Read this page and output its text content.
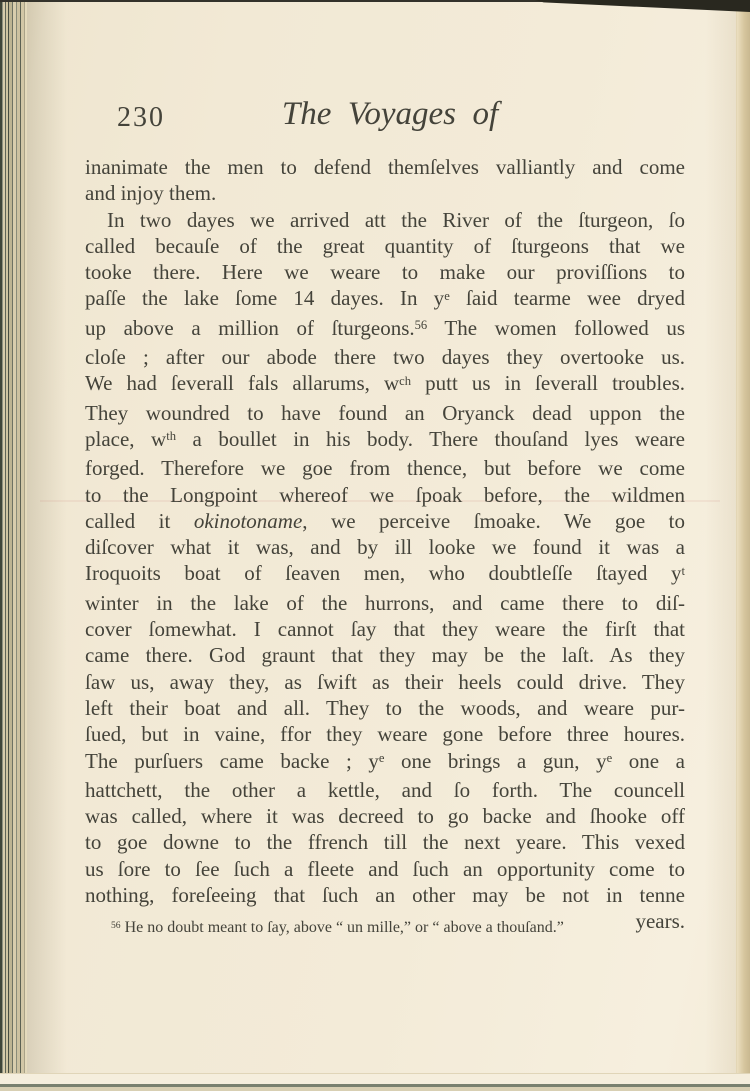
230	The Voyages of
inanimate the men to defend themſelves valliantly and come
and injoy them.
In two dayes we arrived att the River of the ſturgeon, ſo
called becauſe of the great quantity of ſturgeons that we
tooke there. Here we weare to make our proviſſions to
paſſe the lake ſome 14 dayes. In $y^e$ ſaid tearme wee dryed
up above a million of ſturgeons.$^{56}$ The women followed us
cloſe ; after our abode there two dayes they overtooke us.
We had ſeverall fals allarums, $w^{ch}$ putt us in ſeverall troubles.
They woundred to have found an Oryanck dead uppon the
place, $w^{th}$ a boullet in his body. There thouſand lyes weare
forged. Therefore we goe from thence, but before we come
to the Longpoint whereof we ſpoak before, the wildmen
called it okinotoname, we perceive ſmoake. We goe to
diſcover what it was, and by ill looke we found it was a
Iroquoits boat of ſeaven men, who doubtleſſe ſtayed $y^t$
winter in the lake of the hurrons, and came there to diſ-
cover ſomewhat. I cannot ſay that they weare the firſt that
came there. God graunt that they may be the laſt. As they
ſaw us, away they, as ſwift as their heels could drive. They
left their boat and all. They to the woods, and weare pur-
ſued, but in vaine, ffor they weare gone before three houres.
The purſuers came backe ; $y^e$ one brings a gun, $y^e$ one a
hattchett, the other a kettle, and ſo forth. The councell
was called, where it was decreed to go backe and ſhooke off
to goe downe to the ffrench till the next yeare. This vexed
us ſore to ſee ſuch a fleete and ſuch an opportunity come to
nothing, foreſeeing that ſuch an other may be not in tenne
years.
$^{56}$ He no doubt meant to ſay, above “ un mille,” or “ above a thouſand.”
